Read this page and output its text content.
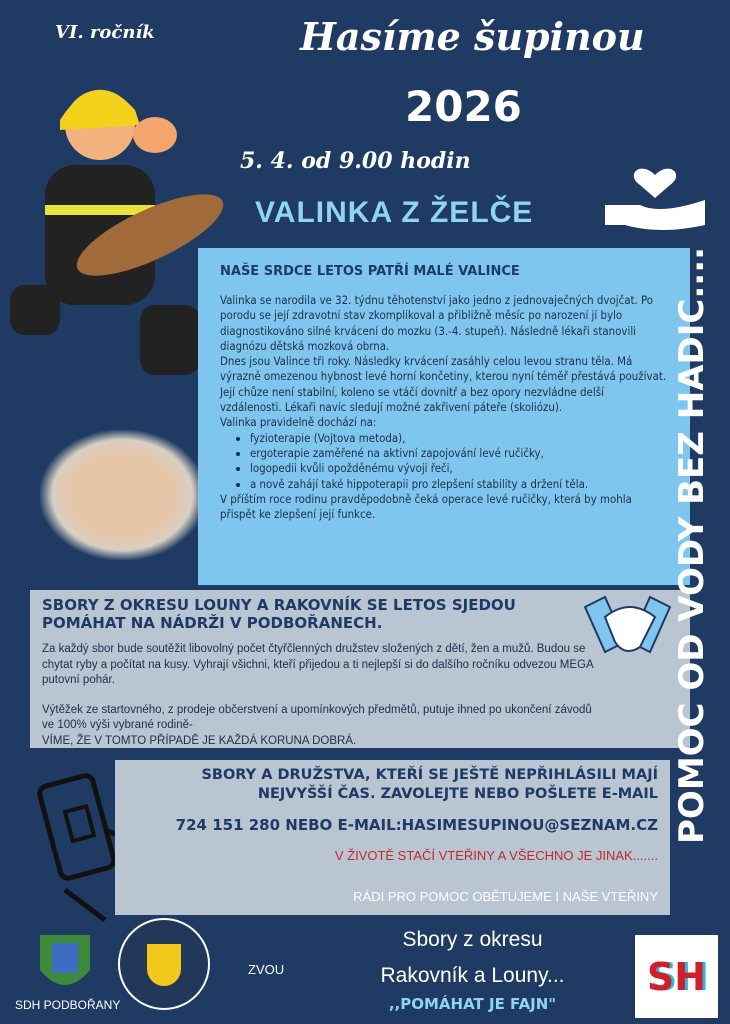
VI. ročník	Hasíme šupinou
2026
5. 4. od 9.00 hodin
VALINKA Z ŽELČE
NAŠE SRDCE LETOS PATŘÍ MALÉ VALINCE

Valinka se narodila ve 32. týdnu těhotenství jako jedno z jednovaječných dvojčat. Po porodu se její zdravotní stav zkomplikoval a přibližně měsíc po narození jí bylo diagnostikováno silné krvácení do mozku (3.-4. stupeň). Následně lékaři stanovili diagnózu dětská mozková obrna.

Dnes jsou Valince tři roky. Následky krvácení zasáhly celou levou stranu těla. Má výrazně omezenou hybnost levé horní končetiny, kterou nyní téměř přestává používat. Její chůze není stabilní, koleno se vtáčí dovnitř a bez opory nezvládne delší vzdálenosti. Lékaři navíc sledují možné zakřivení páteře (skoliózu).

Valinka pravidelně dochází na:

• fyzioterapie (Vojtova metoda),
• ergoterapie zaměřené na aktivní zapojování levé ručičky,
• logopedii kvůli opožděnému vývoji řeči,
• a nově zahájí také hippoterapii pro zlepšení stability a držení těla.

V příštím roce rodinu pravděpodobně čeká operace levé ručičky, která by mohla přispět ke zlepšení její funkce.

SBORY Z OKRESU LOUNY A RAKOVNÍK SE LETOS SJEDOU POMÁHAT NA NÁDRŽI V PODBOŘANECH.

Za každý sbor bude soutěžit libovolný počet čtyřčlenných družstev složených z dětí, žen a mužů. Budou se chytat ryby a počítat na kusy. Vyhrají všichni, kteří přijedou a ti nejlepší si do dalšího ročníku odvezou MEGA putovní pohár.

Výtěžek ze startovného, z prodeje občerstvení a upomínkových předmětů, putuje ihned po ukončení závodů ve 100% výši vybrané rodině-

VÍME, ŽE V TOMTO PŘÍPADĚ JE KAŽDÁ KORUNA DOBRÁ.

SBORY A DRUŽSTVA, KTEŘÍ SE JEŠTĚ NEPŘIHLÁSILI MAJÍ
NEJVYŠŠÍ ČAS. ZAVOLEJTE NEBO POŠLETE E-MAIL
724 151 280 NEBO E-MAIL:HASIMESUPINOU@SEZNAM.CZ
V ŽIVOTĚ STAČÍ VTEŘINY A VŠECHNO JE JINAK.......
RÁDI PRO POMOC OBĚTUJEME I NAŠE VTEŘINY
POMOC OD VODY BEZ HADIC....
SDH PODBOŘANY
ZVOU
Sbory z okresu
Rakovník a Louny...
,,POMÁHAT JE FAJN"
SH
